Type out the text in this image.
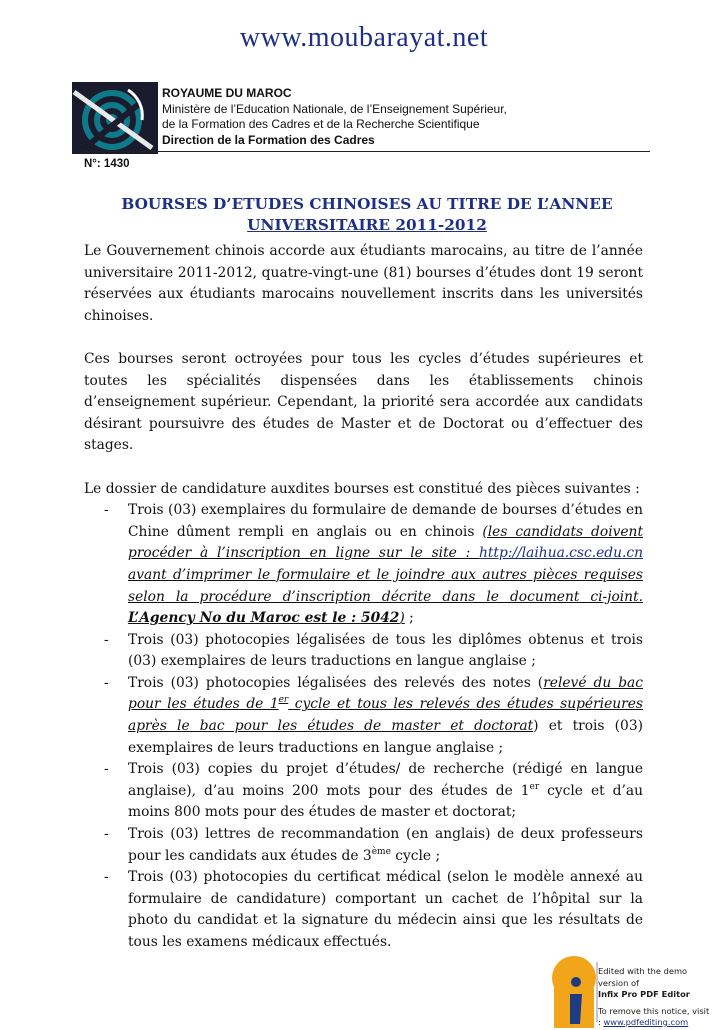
www.moubarayat.net
ROYAUME DU MAROC
Ministère de l’Education Nationale, de l’Enseignement Supérieur,
de la Formation des Cadres et de la Recherche Scientifique
Direction de la Formation des Cadres
N°: 1430
BOURSES D’ETUDES CHINOISES AU TITRE DE L’ANNEE
UNIVERSITAIRE 2011-2012

Le Gouvernement chinois accorde aux étudiants marocains, au titre de l’année universitaire 2011-2012, quatre-vingt-une (81) bourses d’études dont 19 seront réservées aux étudiants marocains nouvellement inscrits dans les universités chinoises.

Ces bourses seront octroyées pour tous les cycles d’études supérieures et toutes les spécialités dispensées dans les établissements chinois d’enseignement supérieur. Cependant, la priorité sera accordée aux candidats désirant poursuivre des études de Master et de Doctorat ou d’effectuer des stages.

Le dossier de candidature auxdites bourses est constitué des pièces suivantes :

- Trois (03) exemplaires du formulaire de demande de bourses d’études en Chine dûment rempli en anglais ou en chinois (les candidats doivent procéder à l’inscription en ligne sur le site : http://laihua.csc.edu.cn avant d’imprimer le formulaire et le joindre aux autres pièces requises selon la procédure d’inscription décrite dans le document ci-joint. L’Agency No du Maroc est le : 5042) ;
- Trois (03) photocopies légalisées de tous les diplômes obtenus et trois (03) exemplaires de leurs traductions en langue anglaise ;
- Trois (03) photocopies légalisées des relevés des notes (relevé du bac pour les études de 1er cycle et tous les relevés des études supérieures après le bac pour les études de master et doctorat) et trois (03) exemplaires de leurs traductions en langue anglaise ;
- Trois (03) copies du projet d’études/ de recherche (rédigé en langue anglaise), d’au moins 200 mots pour des études de 1er cycle et d’au moins 800 mots pour des études de master et doctorat;
- Trois (03) lettres de recommandation (en anglais) de deux professeurs pour les candidats aux études de 3ème cycle ;
- Trois (03) photocopies du certificat médical (selon le modèle annexé au formulaire de candidature) comportant un cachet de l’hôpital sur la photo du candidat et la signature du médecin ainsi que les résultats de tous les examens médicaux effectués.
i
Edited with the demo version of
Infix Pro PDF Editor
To remove this notice, visit
: www.pdfediting.com
